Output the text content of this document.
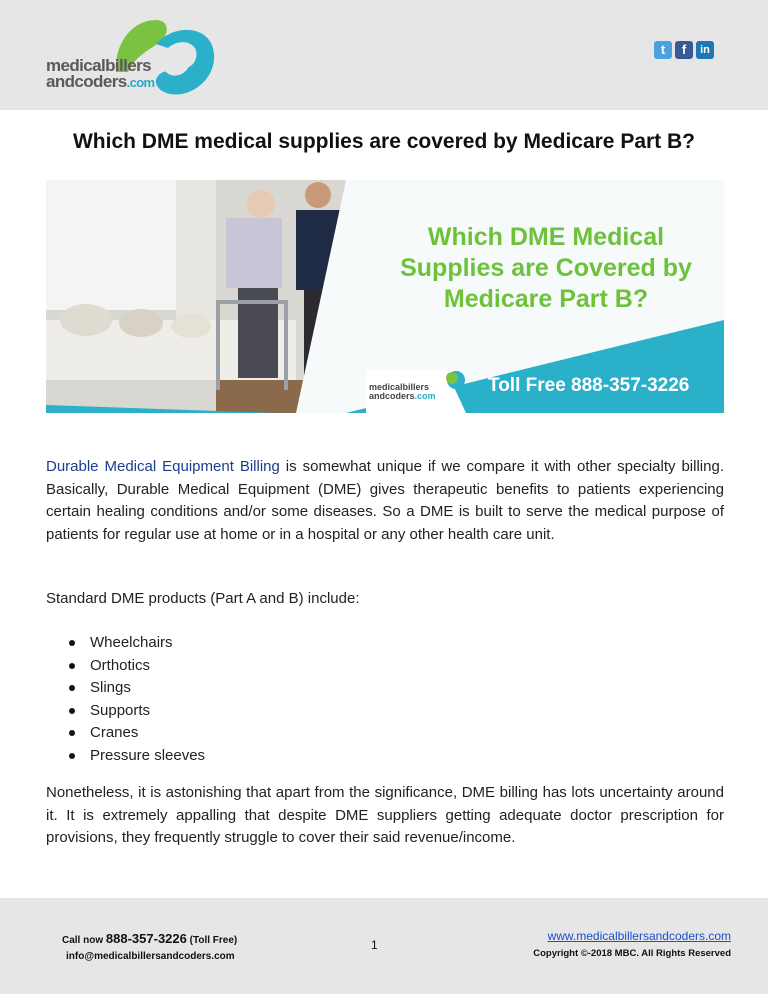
medicalbillers
andcoders.com
t	f	in
Which DME medical supplies are covered by Medicare Part B?
Which DME Medical
Supplies are Covered by
Medicare Part B?
medicalbillers
andcoders.com	Toll Free 888-357-3226
Durable Medical Equipment Billing is somewhat unique if we compare it with other specialty billing. Basically, Durable Medical Equipment (DME) gives therapeutic benefits to patients experiencing certain healing conditions and/or some diseases. So a DME is built to serve the medical purpose of patients for regular use at home or in a hospital or any other health care unit.
Standard DME products (Part A and B) include:
Wheelchairs
Orthotics
Slings
Supports
Cranes
Pressure sleeves
Nonetheless, it is astonishing that apart from the significance, DME billing has lots uncertainty around it. It is extremely appalling that despite DME suppliers getting adequate doctor prescription for provisions, they frequently struggle to cover their said revenue/income.
Call now 888-357-3226 (Toll Free)
info@medicalbillersandcoders.com
1
www.medicalbillersandcoders.com
Copyright ©-2018 MBC. All Rights Reserved
